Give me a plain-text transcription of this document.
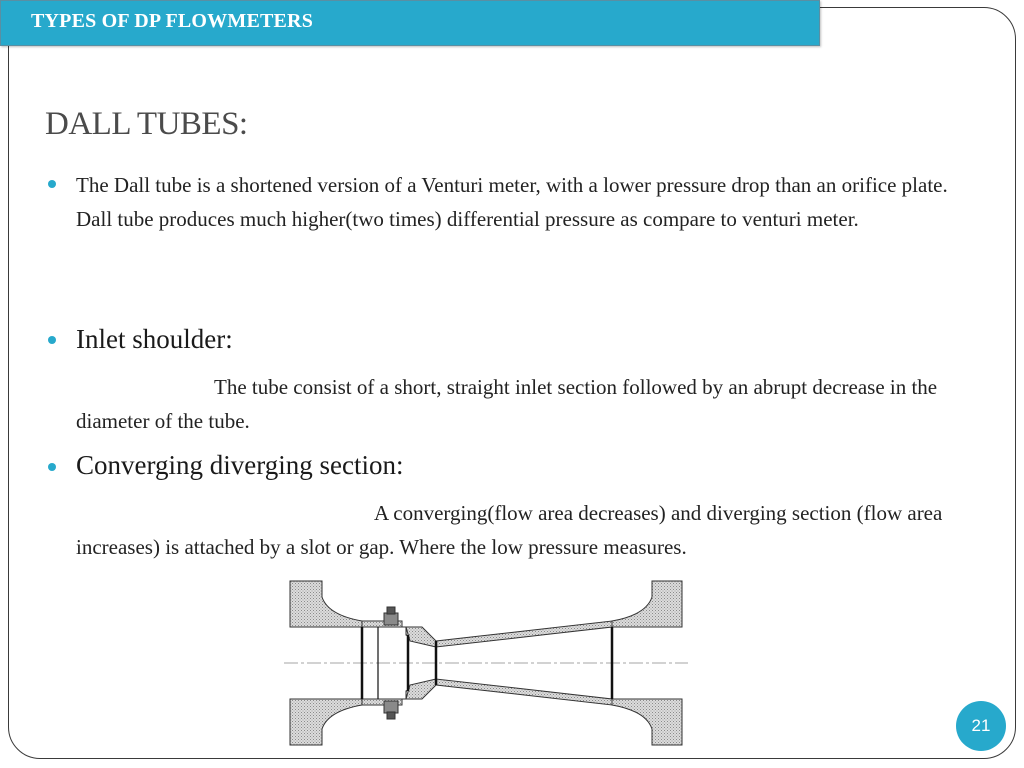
TYPES OF DP FLOWMETERS
DALL TUBES:
The Dall tube is a shortened version of a Venturi meter, with a lower pressure drop than an orifice plate. Dall tube produces much higher(two times) differential pressure as compare to venturi meter.
Inlet shoulder:
The tube consist of a short, straight inlet section followed by an abrupt decrease in the diameter of the tube.
Converging diverging section:
A converging(flow area decreases) and diverging section (flow area increases) is attached by a slot or gap. Where the low pressure measures.
21
